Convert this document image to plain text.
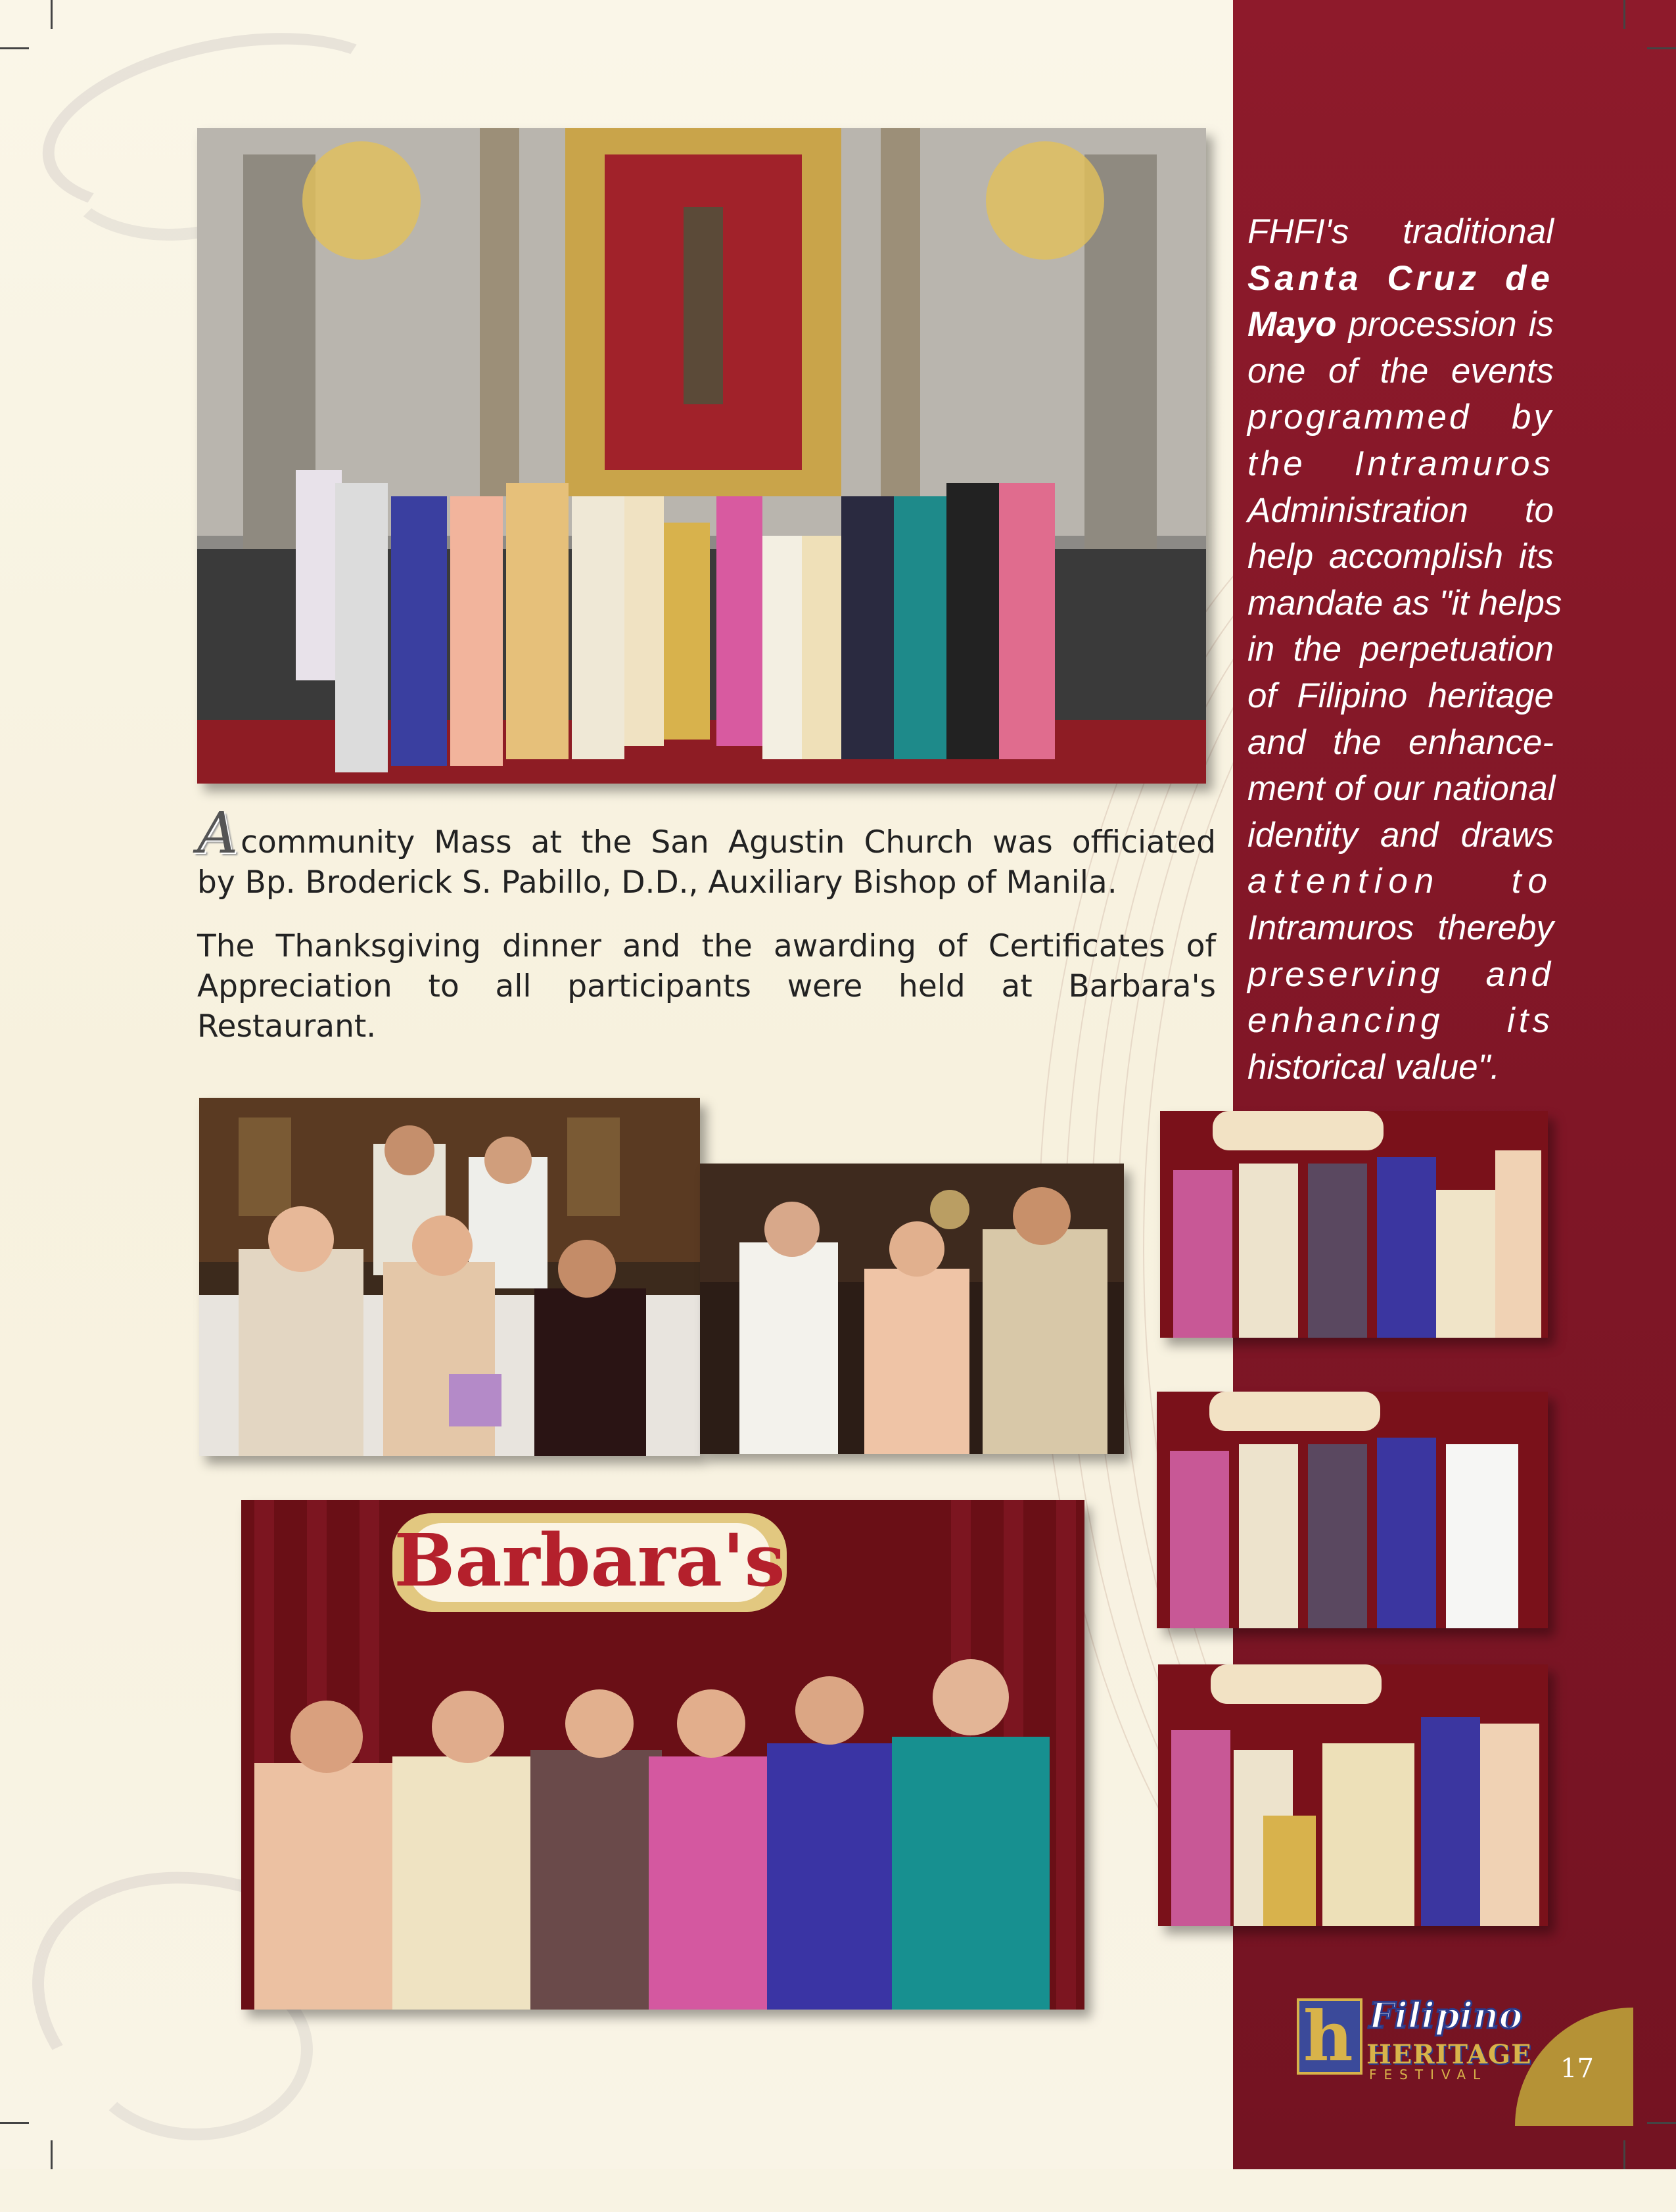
Acommunity Mass at the San Agustin Church was officiated

by Bp. Broderick S. Pabillo, D.D., Auxiliary Bishop of Manila.

The Thanksgiving dinner and the awarding of Certificates of Appreciation to all participants were held at Barbara's Restaurant.

Barbara's
FHFI's traditional
Santa Cruz de
Mayo procession is
one of the events
programmed by
the Intramuros
Administration to
help accomplish its
mandate as "it helps
in the perpetuation
of Filipino heritage
and the enhance-
ment of our national
identity and draws
attention to
Intramuros thereby
preserving and
enhancing its
historical value".
h Filipino
HERITAGE
FESTIVAL	17
